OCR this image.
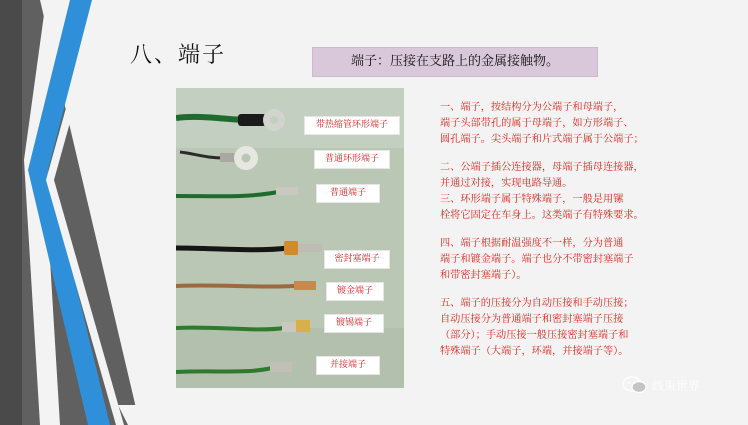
八、端子	端子：压接在支路上的金属接触物。
带热缩管环形端子
普通环形端子
普通端子
密封塞端子
镀金端子
镀锡端子
并接端子

一、端子，按结构分为公端子和母端子，
端子头部带孔的属于母端子，如方形端子、
圆孔端子。尖头端子和片式端子属于公端子；

二、公端子插公连接器，母端子插母连接器，
并通过对接，实现电路导通。
三、环形端子属于特殊端子，一般是用镙
栓将它固定在车身上。这类端子有特殊要求。

四、端子根据耐温强度不一样，分为普通
端子和镀金端子。端子也分不带密封塞端子
和带密封塞端子）。

五、端子的压接分为自动压接和手动压接；
自动压接分为普通端子和密封塞端子压接
（部分）；手动压接一般压接密封塞端子和
特殊端子（大端子，环端，并接端子等）。

线束世界
